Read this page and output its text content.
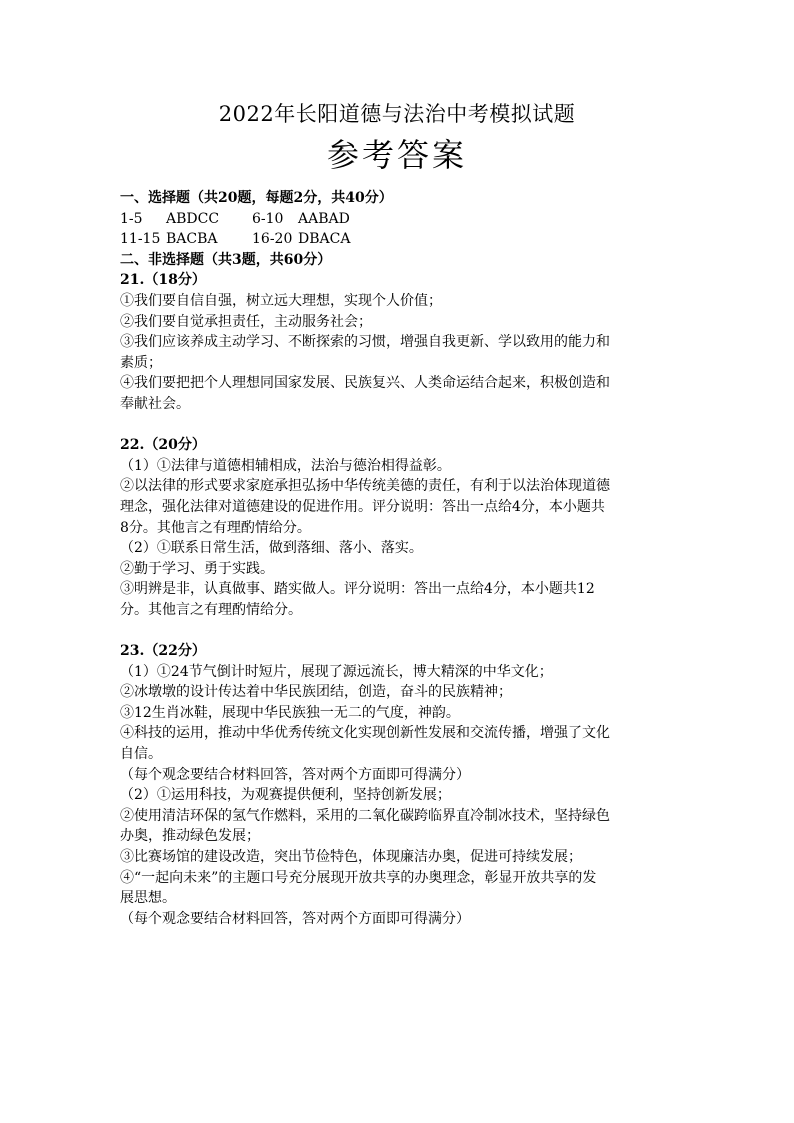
2022年长阳道德与法治中考模拟试题
参考答案
一、选择题（共20题，每题2分，共40分）
1-5 ABDCC 6-10 AABAD
11-15 BACBA 16-20 DBACA
二、非选择题（共3题，共60分）
21.（18分）
①我们要自信自强，树立远大理想，实现个人价值；
②我们要自觉承担责任，主动服务社会；
③我们应该养成主动学习、不断探索的习惯，增强自我更新、学以致用的能力和
素质；
④我们要把把个人理想同国家发展、民族复兴、人类命运结合起来，积极创造和
奉献社会。
22.（20分）
（1）①法律与道德相辅相成，法治与德治相得益彰。
②以法律的形式要求家庭承担弘扬中华传统美德的责任，有利于以法治体现道德
理念，强化法律对道德建设的促进作用。评分说明：答出一点给4分，本小题共
8分。其他言之有理酌情给分。
（2）①联系日常生活，做到落细、落小、落实。
②勤于学习、勇于实践。
③明辨是非，认真做事、踏实做人。评分说明：答出一点给4分，本小题共12
分。其他言之有理酌情给分。
23.（22分）
（1）①24节气倒计时短片，展现了源远流长，博大精深的中华文化；
②冰墩墩的设计传达着中华民族团结，创造，奋斗的民族精神；
③12生肖冰鞋，展现中华民族独一无二的气度，神韵。
④科技的运用，推动中华优秀传统文化实现创新性发展和交流传播，增强了文化
自信。
（每个观念要结合材料回答，答对两个方面即可得满分）
（2）①运用科技，为观赛提供便利，坚持创新发展；
②使用清洁环保的氢气作燃料，采用的二氧化碳跨临界直冷制冰技术，坚持绿色
办奥，推动绿色发展；
③比赛场馆的建设改造，突出节俭特色，体现廉洁办奥，促进可持续发展；
④“一起向未来”的主题口号充分展现开放共享的办奥理念，彰显开放共享的发
展思想。
（每个观念要结合材料回答，答对两个方面即可得满分）
